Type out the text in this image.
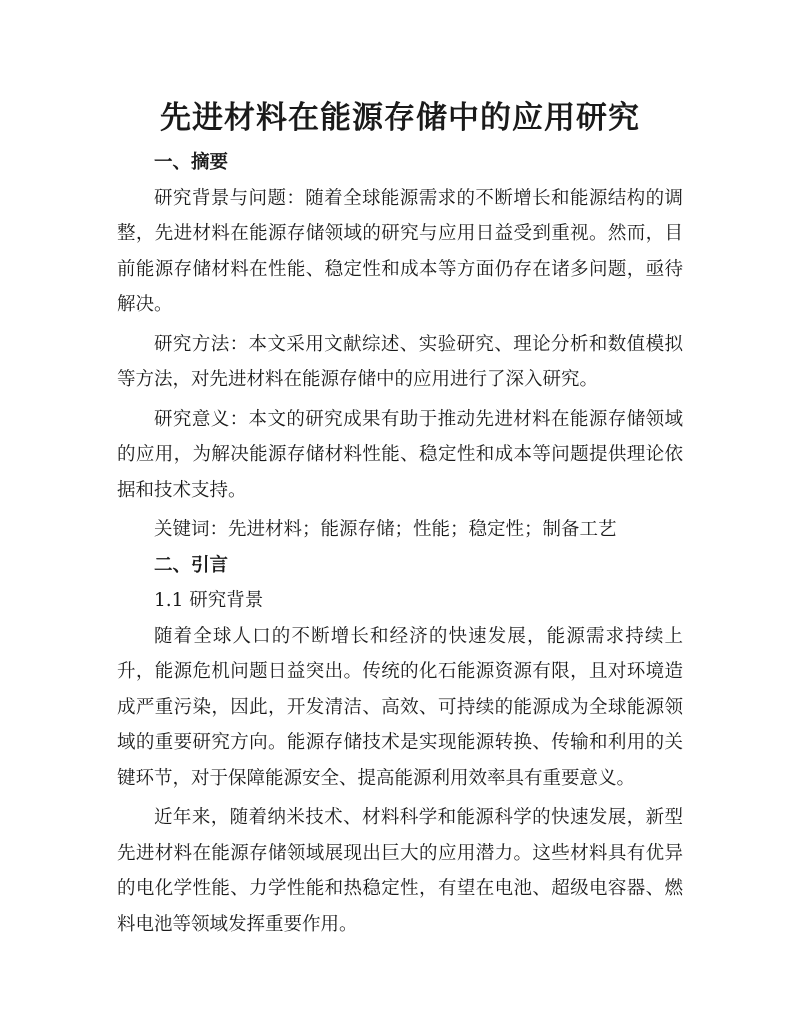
先进材料在能源存储中的应用研究

一、摘要

研究背景与问题：随着全球能源需求的不断增长和能源结构的调整，先进材料在能源存储领域的研究与应用日益受到重视。然而，目前能源存储材料在性能、稳定性和成本等方面仍存在诸多问题，亟待解决。

研究方法：本文采用文献综述、实验研究、理论分析和数值模拟等方法，对先进材料在能源存储中的应用进行了深入研究。

研究意义：本文的研究成果有助于推动先进材料在能源存储领域的应用，为解决能源存储材料性能、稳定性和成本等问题提供理论依据和技术支持。

关键词：先进材料；能源存储；性能；稳定性；制备工艺

二、引言

1.1 研究背景

随着全球人口的不断增长和经济的快速发展，能源需求持续上升，能源危机问题日益突出。传统的化石能源资源有限，且对环境造成严重污染，因此，开发清洁、高效、可持续的能源成为全球能源领域的重要研究方向。能源存储技术是实现能源转换、传输和利用的关键环节，对于保障能源安全、提高能源利用效率具有重要意义。

近年来，随着纳米技术、材料科学和能源科学的快速发展，新型先进材料在能源存储领域展现出巨大的应用潜力。这些材料具有优异的电化学性能、力学性能和热稳定性，有望在电池、超级电容器、燃料电池等领域发挥重要作用。
